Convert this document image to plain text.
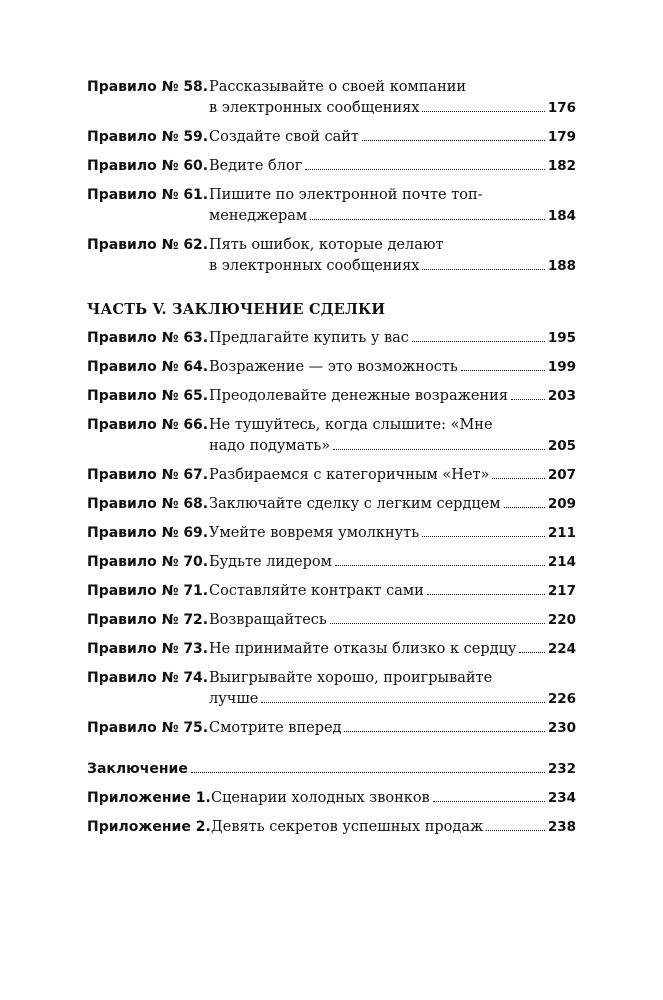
Правило № 58. Рассказывайте о своей компании
в электронных сообщениях	176
Правило № 59. Создайте свой сайт	179
Правило № 60. Ведите блог	182
Правило № 61. Пишите по электронной почте топ-
менеджерам	184
Правило № 62. Пять ошибок, которые делают
в электронных сообщениях	188
ЧАСТЬ V. ЗАКЛЮЧЕНИЕ СДЕЛКИ
Правило № 63. Предлагайте купить у вас	195
Правило № 64. Возражение — это возможность	199
Правило № 65. Преодолевайте денежные возражения	203
Правило № 66. Не тушуйтесь, когда слышите: «Мне
надо подумать»	205
Правило № 67. Разбираемся с категоричным «Нет»	207
Правило № 68. Заключайте сделку с легким сердцем	209
Правило № 69. Умейте вовремя умолкнуть	211
Правило № 70. Будьте лидером	214
Правило № 71. Составляйте контракт сами	217
Правило № 72. Возвращайтесь	220
Правило № 73. Не принимайте отказы близко к сердцу 224
Правило № 74. Выигрывайте хорошо, проигрывайте
лучше	226
Правило № 75. Смотрите вперед	230
Заключение	232
Приложение 1. Сценарии холодных звонков	234
Приложение 2. Девять секретов успешных продаж	238
